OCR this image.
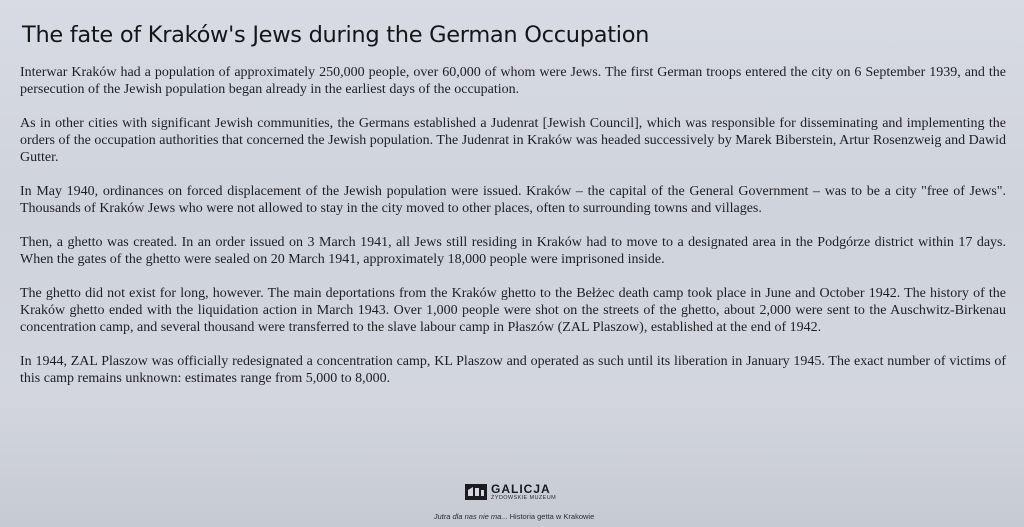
The fate of Kraków's Jews during the German Occupation

Interwar Kraków had a population of approximately 250,000 people, over 60,000 of whom were Jews. The first German troops entered the city on 6 September 1939, and the persecution of the Jewish population began already in the earliest days of the occupation.

As in other cities with significant Jewish communities, the Germans established a Judenrat [Jewish Council], which was responsible for disseminating and implementing the orders of the occupation authorities that concerned the Jewish population. The Judenrat in Kraków was headed successively by Marek Biberstein, Artur Rosenzweig and Dawid Gutter.

In May 1940, ordinances on forced displacement of the Jewish population were issued. Kraków – the capital of the General Government – was to be a city "free of Jews". Thousands of Kraków Jews who were not allowed to stay in the city moved to other places, often to surrounding towns and villages.

Then, a ghetto was created. In an order issued on 3 March 1941, all Jews still residing in Kraków had to move to a designated area in the Podgórze district within 17 days. When the gates of the ghetto were sealed on 20 March 1941, approximately 18,000 people were imprisoned inside.

The ghetto did not exist for long, however. The main deportations from the Kraków ghetto to the Bełżec death camp took place in June and October 1942. The history of the Kraków ghetto ended with the liquidation action in March 1943. Over 1,000 people were shot on the streets of the ghetto, about 2,000 were sent to the Auschwitz-Birkenau concentration camp, and several thousand were transferred to the slave labour camp in Płaszów (ZAL Plaszow), established at the end of 1942.

In 1944, ZAL Plaszow was officially redesignated a concentration camp, KL Plaszow and operated as such until its liberation in January 1945. The exact number of victims of this camp remains unknown: estimates range from 5,000 to 8,000.

GALICJA
ŻYDOWSKIE MUZEUM
Jutra dla nas nie ma... Historia getta w Krakowie
